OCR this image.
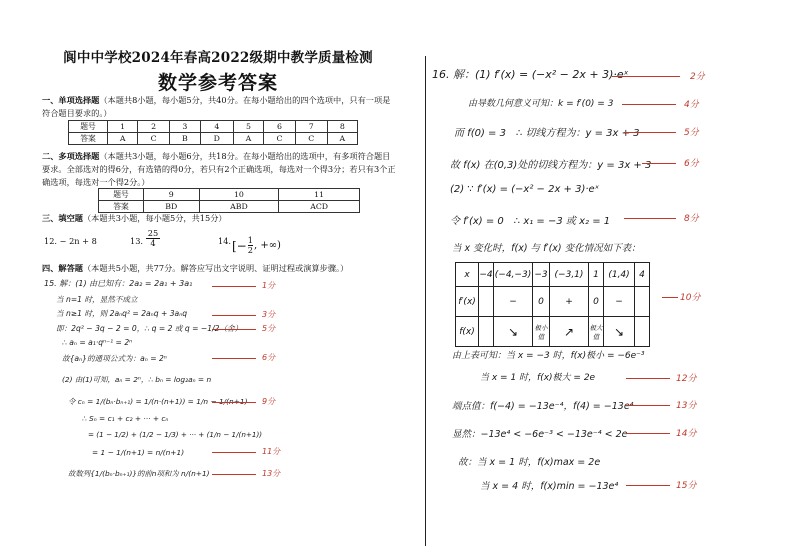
阆中中学校2024年春高2022级期中教学质量检测
数学参考答案
一、单项选择题（本题共8小题，每小题5分，共40分。在每小题给出的四个选项中，只有一项是符合题目要求的。）
题号	1	2	3	4	5	6	7	8
答案	A	C	B	D	A	C	C	A
二、多项选择题（本题共3小题，每小题6分，共18分。在每小题给出的选项中，有多项符合题目要求。全部选对的得6分，有选错的得0分，若只有2个正确选项，每选对一个得3分；若只有3个正确选项，每选对一个得2分。）
题号	9	10	11
答案	BD	ABD	ACD
三、填空题（本题共3小题，每小题5分，共15分）
12. − 2n + 8	13. $\frac{25}{4}$	14. [− $\frac{1}{2}$ , +∞)
四、解答题（本题共5小题，共77分。解答应写出文字说明、证明过程或演算步骤。）
15. 解：(1) 由已知有：2a₂ = 2a₁ + 3a₁
当 n=1 时，显然不成立
当 n≥1 时，则 2aₙq² = 2aₙq + 3aₙq
即：2q² − 3q − 2 = 0，∴ q = 2 或 q = −1/2（舍）
∴ aₙ = a₁·qⁿ⁻¹ = 2ⁿ
故{aₙ}的通项公式为：aₙ = 2ⁿ
(2) 由(1)可知，aₙ = 2ⁿ，∴ bₙ = log₂aₙ = n
令 cₙ = 1/(bₙ·bₙ₊₁) = 1/(n·(n+1)) = 1/n − 1/(n+1)
∴ Sₙ = c₁ + c₂ + ··· + cₙ
= (1 − 1/2) + (1/2 − 1/3) + ··· + (1/n − 1/(n+1))
= 1 − 1/(n+1) = n/(n+1)
故数列{1/(bₙ·bₙ₊₁)}的前n项和为 n/(n+1)
1分
3分
5分
6分
9分
11分
13分
16. 解：(1) f′(x) = (−x² − 2x + 3)·eˣ
由导数几何意义可知：k = f′(0) = 3
而 f(0) = 3　∴ 切线方程为：y = 3x + 3
故 f(x) 在(0,3)处的切线方程为：y = 3x + 3
(2) ∵ f′(x) = (−x² − 2x + 3)·eˣ
令 f′(x) = 0　∴ x₁ = −3 或 x₂ = 1
当 x 变化时，f(x) 与 f′(x) 变化情况如下表：
x	−4	(−4,−3)	−3	(−3,1)	1	(1,4)	4
f′(x)		−	0	+	0	−	
f(x)		↘	极小值	↗	极大值	↘	
由上表可知：当 x = −3 时，f(x)极小 = −6e⁻³
当 x = 1 时，f(x)极大 = 2e
端点值：f(−4) = −13e⁻⁴，f(4) = −13e⁴
显然：−13e⁴ < −6e⁻³ < −13e⁻⁴ < 2e
故：当 x = 1 时，f(x)max = 2e
当 x = 4 时，f(x)min = −13e⁴
2分
4分
5分
6分
8分
10分
12分
13分
14分
15分
